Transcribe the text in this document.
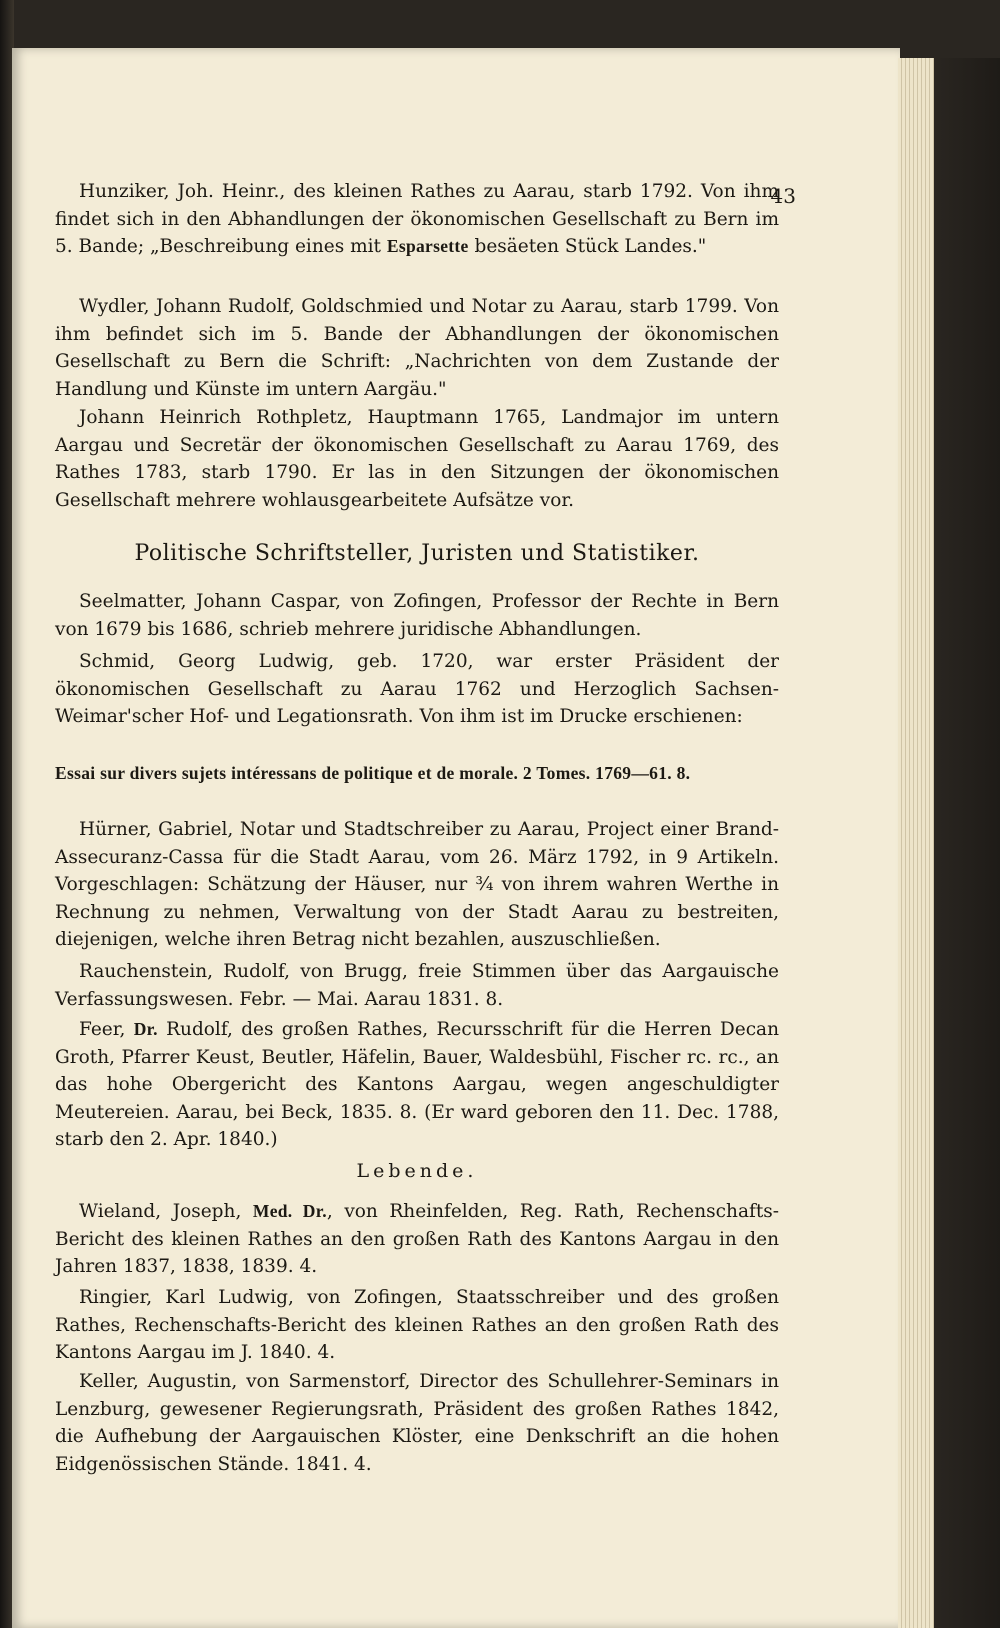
43

Hunziker, Joh. Heinr., des kleinen Rathes zu Aarau, starb 1792. Von ihm findet sich in den Abhandlungen der ökonomischen Gesellschaft zu Bern im 5. Bande; „Beschreibung eines mit Esparsette besäeten Stück Landes."

Wydler, Johann Rudolf, Goldschmied und Notar zu Aarau, starb 1799. Von ihm befindet sich im 5. Bande der Abhandlungen der ökonomischen Gesellschaft zu Bern die Schrift: „Nachrichten von dem Zustande der Handlung und Künste im untern Aargäu."

Johann Heinrich Rothpletz, Hauptmann 1765, Landmajor im untern Aargau und Secretär der ökonomischen Gesellschaft zu Aarau 1769, des Rathes 1783, starb 1790. Er las in den Sitzungen der ökonomischen Gesellschaft mehrere wohlausgearbeitete Aufsätze vor.

Politische Schriftsteller, Juristen und Statistiker.

Seelmatter, Johann Caspar, von Zofingen, Professor der Rechte in Bern von 1679 bis 1686, schrieb mehrere juridische Abhandlungen.

Schmid, Georg Ludwig, geb. 1720, war erster Präsident der ökonomischen Gesellschaft zu Aarau 1762 und Herzoglich Sachsen-Weimar'scher Hof- und Legationsrath. Von ihm ist im Drucke erschienen:

Essai sur divers sujets intéressans de politique et de morale. 2 Tomes. 1769—61. 8.

Hürner, Gabriel, Notar und Stadtschreiber zu Aarau, Project einer Brand-Assecuranz-Cassa für die Stadt Aarau, vom 26. März 1792, in 9 Artikeln. Vorgeschlagen: Schätzung der Häuser, nur ¾ von ihrem wahren Werthe in Rechnung zu nehmen, Verwaltung von der Stadt Aarau zu bestreiten, diejenigen, welche ihren Betrag nicht bezahlen, auszuschließen.

Rauchenstein, Rudolf, von Brugg, freie Stimmen über das Aargauische Verfassungswesen. Febr. — Mai. Aarau 1831. 8.

Feer, Dr. Rudolf, des großen Rathes, Recursschrift für die Herren Decan Groth, Pfarrer Keust, Beutler, Häfelin, Bauer, Waldesbühl, Fischer rc. rc., an das hohe Obergericht des Kantons Aargau, wegen angeschuldigter Meutereien. Aarau, bei Beck, 1835. 8. (Er ward geboren den 11. Dec. 1788, starb den 2. Apr. 1840.)

Lebende.

Wieland, Joseph, Med. Dr., von Rheinfelden, Reg. Rath, Rechenschafts-Bericht des kleinen Rathes an den großen Rath des Kantons Aargau in den Jahren 1837, 1838, 1839. 4.

Ringier, Karl Ludwig, von Zofingen, Staatsschreiber und des großen Rathes, Rechenschafts-Bericht des kleinen Rathes an den großen Rath des Kantons Aargau im J. 1840. 4.

Keller, Augustin, von Sarmenstorf, Director des Schullehrer-Seminars in Lenzburg, gewesener Regierungsrath, Präsident des großen Rathes 1842, die Aufhebung der Aargauischen Klöster, eine Denkschrift an die hohen Eidgenössischen Stände. 1841. 4.
